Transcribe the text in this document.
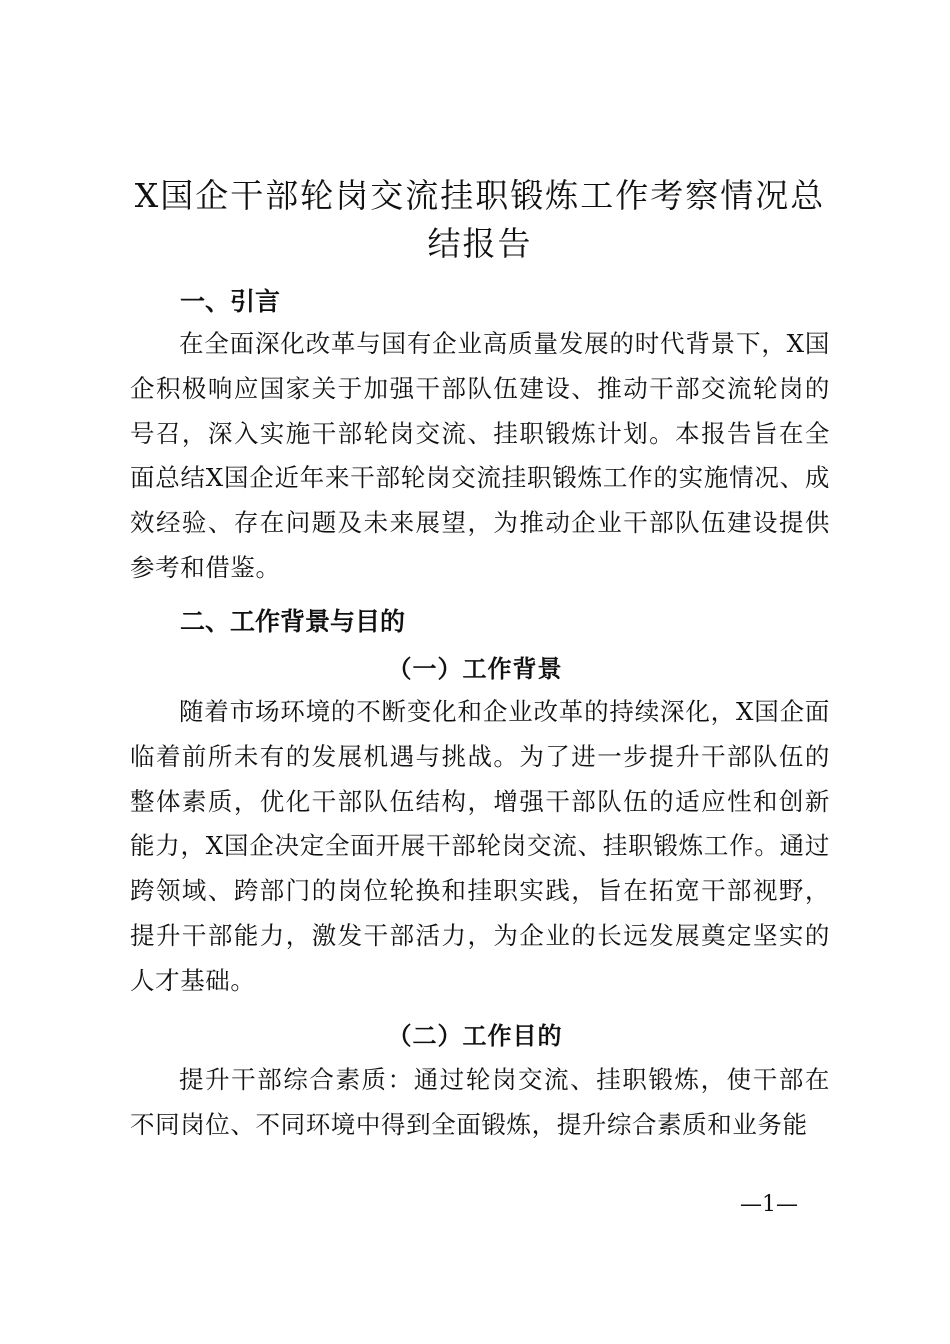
X国企干部轮岗交流挂职锻炼工作考察情况总结报告
一、引言

在全面深化改革与国有企业高质量发展的时代背景下，X国企积极响应国家关于加强干部队伍建设、推动干部交流轮岗的号召，深入实施干部轮岗交流、挂职锻炼计划。本报告旨在全面总结X国企近年来干部轮岗交流挂职锻炼工作的实施情况、成效经验、存在问题及未来展望，为推动企业干部队伍建设提供参考和借鉴。

二、工作背景与目的
（一）工作背景

随着市场环境的不断变化和企业改革的持续深化，X国企面临着前所未有的发展机遇与挑战。为了进一步提升干部队伍的整体素质，优化干部队伍结构，增强干部队伍的适应性和创新能力，X国企决定全面开展干部轮岗交流、挂职锻炼工作。通过跨领域、跨部门的岗位轮换和挂职实践，旨在拓宽干部视野，提升干部能力，激发干部活力，为企业的长远发展奠定坚实的人才基础。

（二）工作目的

提升干部综合素质：通过轮岗交流、挂职锻炼，使干部在不同岗位、不同环境中得到全面锻炼，提升综合素质和业务能

—1—
